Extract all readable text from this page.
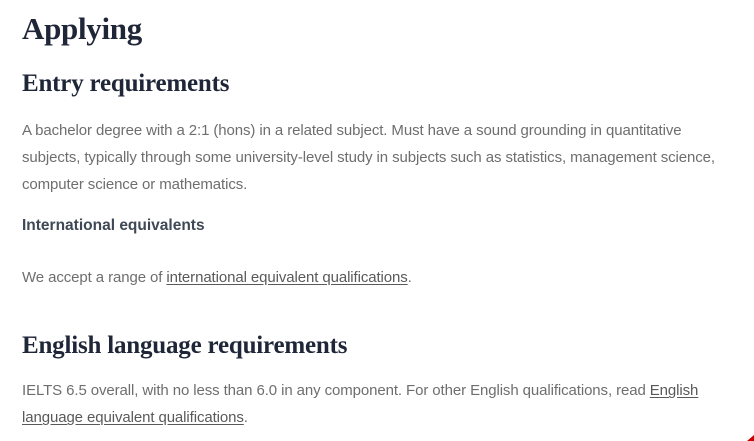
Applying
Entry requirements

A bachelor degree with a 2:1 (hons) in a related subject. Must have a sound grounding in quantitative subjects, typically through some university-level study in subjects such as statistics, management science, computer science or mathematics.

International equivalents

We accept a range of international equivalent qualifications.

English language requirements

IELTS 6.5 overall, with no less than 6.0 in any component. For other English qualifications, read English language equivalent qualifications.
